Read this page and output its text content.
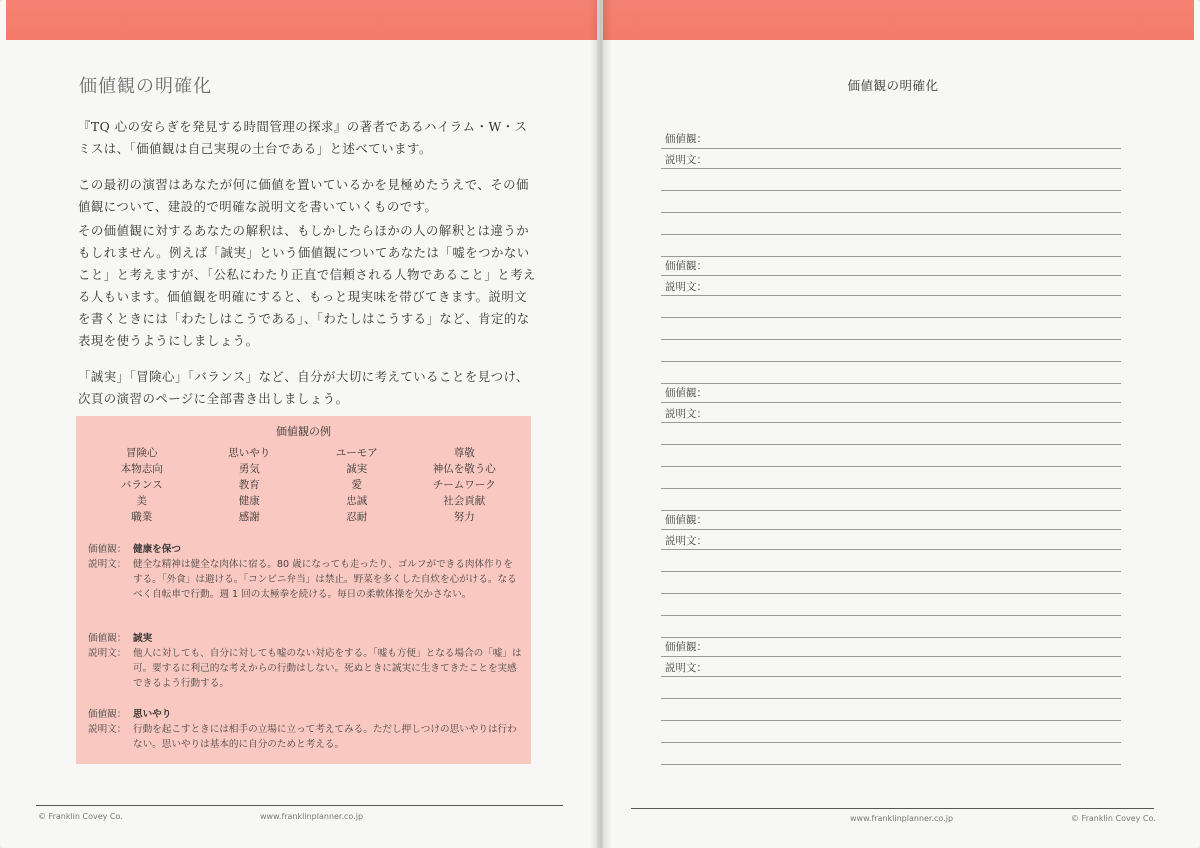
価値観の明確化

『TQ 心の安らぎを発見する時間管理の探求』の著者であるハイラム・W・スミスは、「価値観は自己実現の土台である」と述べています。

この最初の演習はあなたが何に価値を置いているかを見極めたうえで、その価値観について、建設的で明確な説明文を書いていくものです。

その価値観に対するあなたの解釈は、もしかしたらほかの人の解釈とは違うかもしれません。例えば「誠実」という価値観についてあなたは「嘘をつかないこと」と考えますが、「公私にわたり正直で信頼される人物であること」と考える人もいます。価値観を明確にすると、もっと現実味を帯びてきます。説明文を書くときには「わたしはこうである」、「わたしはこうする」など、肯定的な表現を使うようにしましょう。

「誠実」「冒険心」「バランス」など、自分が大切に考えていることを見つけ、次頁の演習のページに全部書き出しましょう。

価値観の例
冒険心	思いやり	ユーモア	尊敬
本物志向	勇気	誠実	神仏を敬う心
バランス	教育	愛	チームワーク
美	健康	忠誠	社会貢献
職業	感謝	忍耐	努力
価値観： 健康を保つ
説明文： 健全な精神は健全な肉体に宿る。80 歳になっても走ったり、ゴルフができる肉体作りをする。「外食」は避ける。「コンビニ弁当」は禁止。野菜を多くした自炊を心がける。なるべく自転車で行動。週 1 回の太極拳を続ける。毎日の柔軟体操を欠かさない。
価値観： 誠実
説明文： 他人に対しても、自分に対しても嘘のない対応をする。「嘘も方便」となる場合の「嘘」は可。要するに利己的な考えからの行動はしない。死ぬときに誠実に生きてきたことを実感できるよう行動する。
価値観： 思いやり
説明文： 行動を起こすときには相手の立場に立って考えてみる。ただし押しつけの思いやりは行わない。思いやりは基本的に自分のためと考える。
© Franklin Covey Co.	www.franklinplanner.co.jp
価値観の明確化
価値観：
説明文：
価値観：
説明文：
価値観：
説明文：
価値観：
説明文：
価値観：
説明文：
www.franklinplanner.co.jp	© Franklin Covey Co.
